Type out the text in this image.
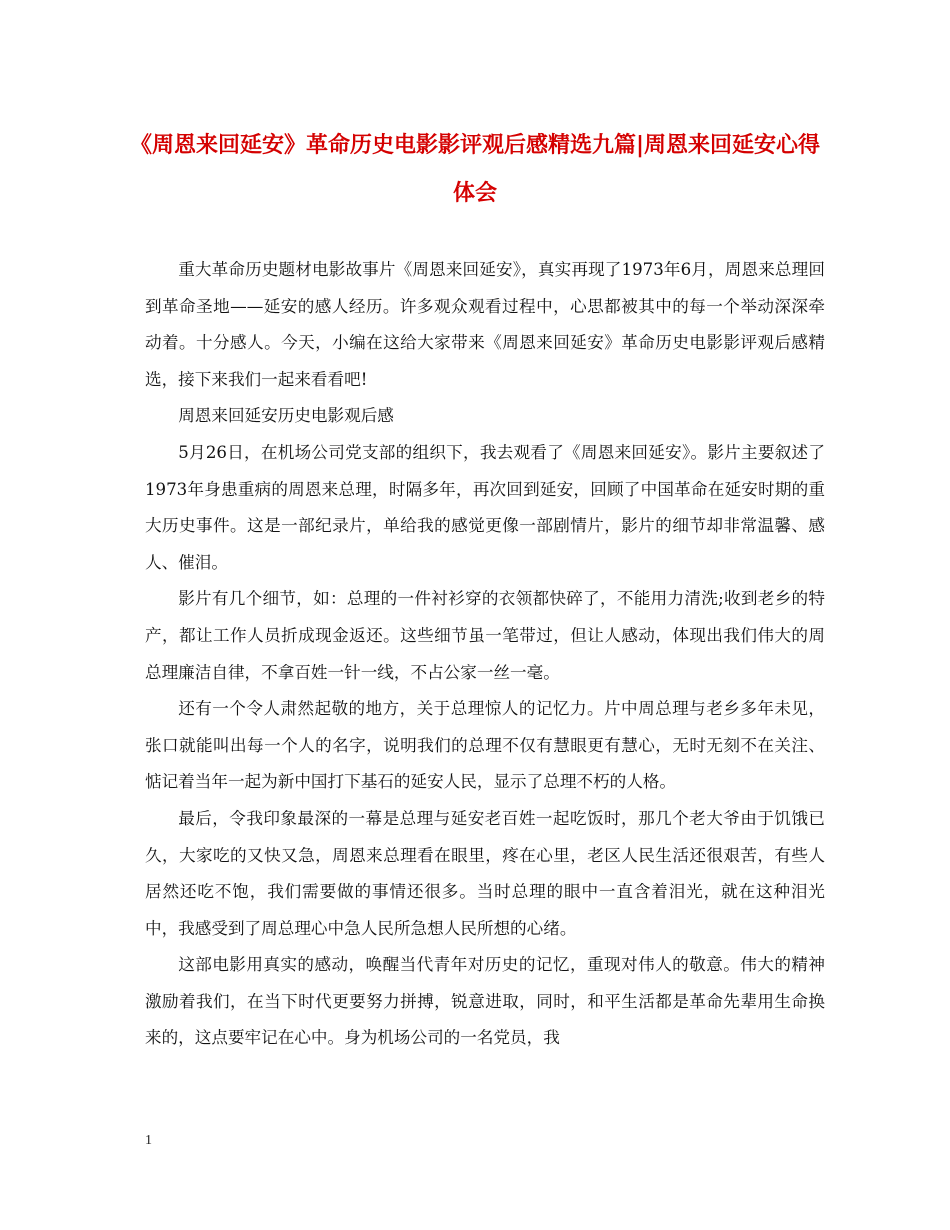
《周恩来回延安》革命历史电影影评观后感精选九篇|周恩来回延安心得体会

重大革命历史题材电影故事片《周恩来回延安》，真实再现了1973年6月，周恩来总理回到革命圣地——延安的感人经历。许多观众观看过程中，心思都被其中的每一个举动深深牵动着。十分感人。今天，小编在这给大家带来《周恩来回延安》革命历史电影影评观后感精选，接下来我们一起来看看吧!

周恩来回延安历史电影观后感

5月26日，在机场公司党支部的组织下，我去观看了《周恩来回延安》。影片主要叙述了1973年身患重病的周恩来总理，时隔多年，再次回到延安，回顾了中国革命在延安时期的重大历史事件。这是一部纪录片，单给我的感觉更像一部剧情片，影片的细节却非常温馨、感人、催泪。

影片有几个细节，如：总理的一件衬衫穿的衣领都快碎了，不能用力清洗;收到老乡的特产，都让工作人员折成现金返还。这些细节虽一笔带过，但让人感动，体现出我们伟大的周总理廉洁自律，不拿百姓一针一线，不占公家一丝一毫。

还有一个令人肃然起敬的地方，关于总理惊人的记忆力。片中周总理与老乡多年未见，张口就能叫出每一个人的名字，说明我们的总理不仅有慧眼更有慧心，无时无刻不在关注、惦记着当年一起为新中国打下基石的延安人民，显示了总理不朽的人格。

最后，令我印象最深的一幕是总理与延安老百姓一起吃饭时，那几个老大爷由于饥饿已久，大家吃的又快又急，周恩来总理看在眼里，疼在心里，老区人民生活还很艰苦，有些人居然还吃不饱，我们需要做的事情还很多。当时总理的眼中一直含着泪光，就在这种泪光中，我感受到了周总理心中急人民所急想人民所想的心绪。

这部电影用真实的感动，唤醒当代青年对历史的记忆，重现对伟人的敬意。伟大的精神激励着我们，在当下时代更要努力拼搏，锐意进取，同时，和平生活都是革命先辈用生命换来的，这点要牢记在心中。身为机场公司的一名党员，我

1
